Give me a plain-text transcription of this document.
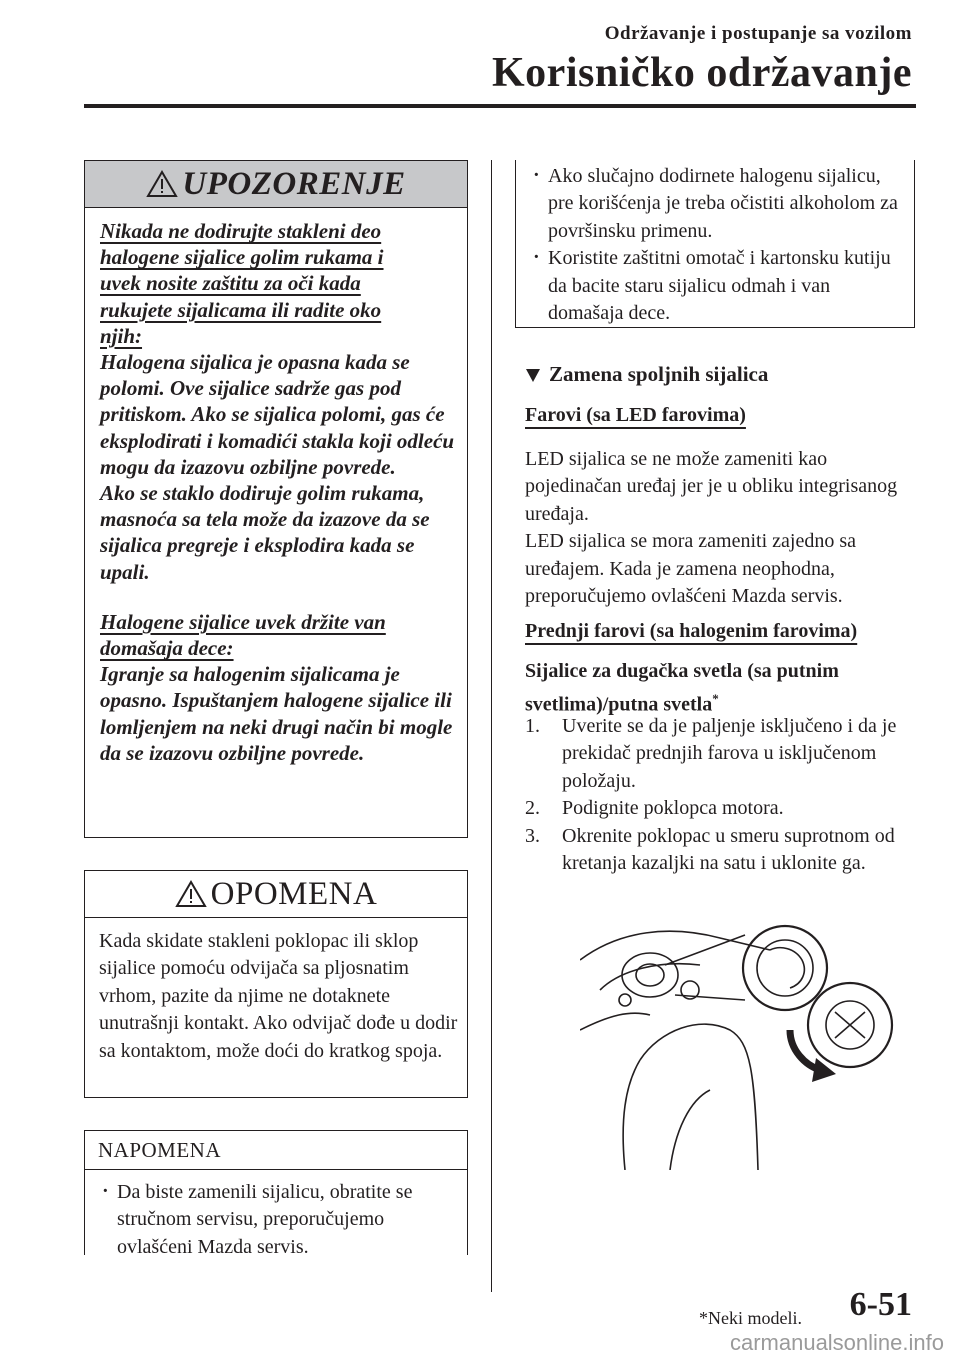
Održavanje i postupanje sa vozilom
Korisničko održavanje
UPOZORENJE
Nikada ne dodirujte stakleni deo
halogene sijalice golim rukama i
uvek nosite zaštitu za oči kada
rukujete sijalicama ili radite oko
njih:

Halogena sijalica je opasna kada se polomi. Ove sijalice sadrže gas pod pritiskom. Ako se sijalica polomi, gas će eksplodirati i komadići stakla koji odleću mogu da izazovu ozbiljne povrede.

Ako se staklo dodiruje golim rukama, masnoća sa tela može da izazove da se sijalica pregreje i eksplodira kada se upali.

Halogene sijalice uvek držite van
domašaja dece:

Igranje sa halogenim sijalicama je opasno. Ispuštanjem halogene sijalice ili lomljenjem na neki drugi način bi mogle da se izazovu ozbiljne povrede.

OPOMENA
Kada skidate stakleni poklopac ili sklop sijalice pomoću odvijača sa pljosnatim vrhom, pazite da njime ne dotaknete unutrašnji kontakt. Ako odvijač dođe u dodir sa kontaktom, može doći do kratkog spoja.
NAPOMENA
· Da biste zamenili sijalicu, obratite se stručnom servisu, preporučujemo ovlašćeni Mazda servis.
· Ako slučajno dodirnete halogenu sijalicu, pre korišćenja je treba očistiti alkoholom za površinsku primenu.
· Koristite zaštitni omotač i kartonsku kutiju da bacite staru sijalicu odmah i van domašaja dece.
Zamena spoljnih sijalica
Farovi (sa LED farovima)

LED sijalica se ne može zameniti kao pojedinačan uređaj jer je u obliku integrisanog uređaja.

LED sijalica se mora zameniti zajedno sa uređajem. Kada je zamena neophodna, preporučujemo ovlašćeni Mazda servis.

Prednji farovi (sa halogenim farovima)
Sijalice za dugačka svetla (sa putnim svetlima)/putna svetla*
1. Uverite se da je paljenje isključeno i da je prekidač prednjih farova u isključenom položaju.
2. Podignite poklopca motora.
3. Okrenite poklopac u smeru suprotnom od kretanja kazaljki na satu i uklonite ga.
*Neki modeli. 6-51
carmanualsonline.info
